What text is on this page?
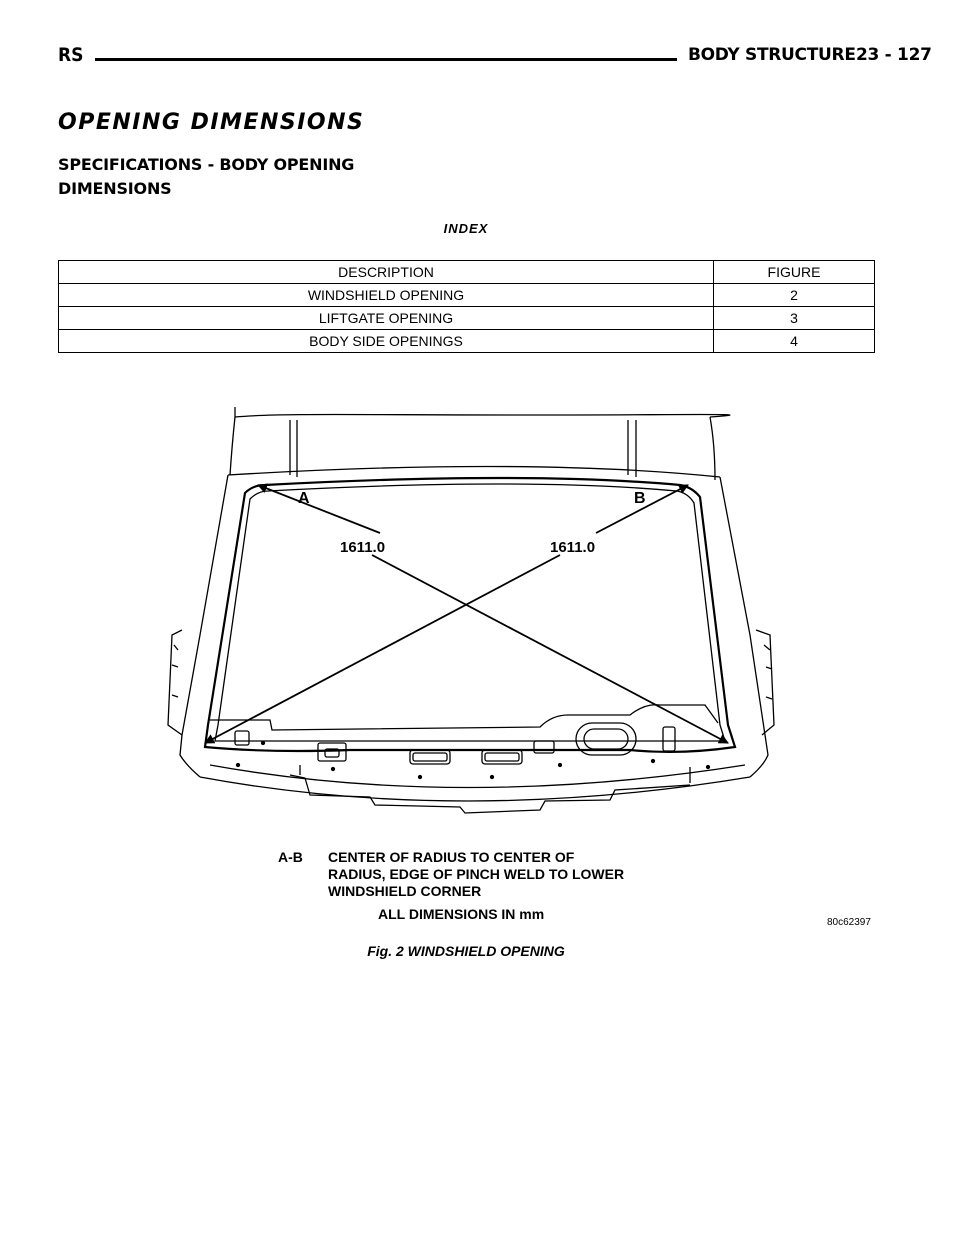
RS	BODY STRUCTURE 23 - 127
OPENING DIMENSIONS
SPECIFICATIONS - BODY OPENING DIMENSIONS
INDEX
DESCRIPTION	FIGURE
WINDSHIELD OPENING	2
LIFTGATE OPENING	3
BODY SIDE OPENINGS	4
A	B
1611.0	1611.0
A-B CENTER OF RADIUS TO CENTER OF
RADIUS, EDGE OF PINCH WELD TO LOWER
WINDSHIELD CORNER
ALL DIMENSIONS IN mm
80c62397
Fig. 2 WINDSHIELD OPENING
